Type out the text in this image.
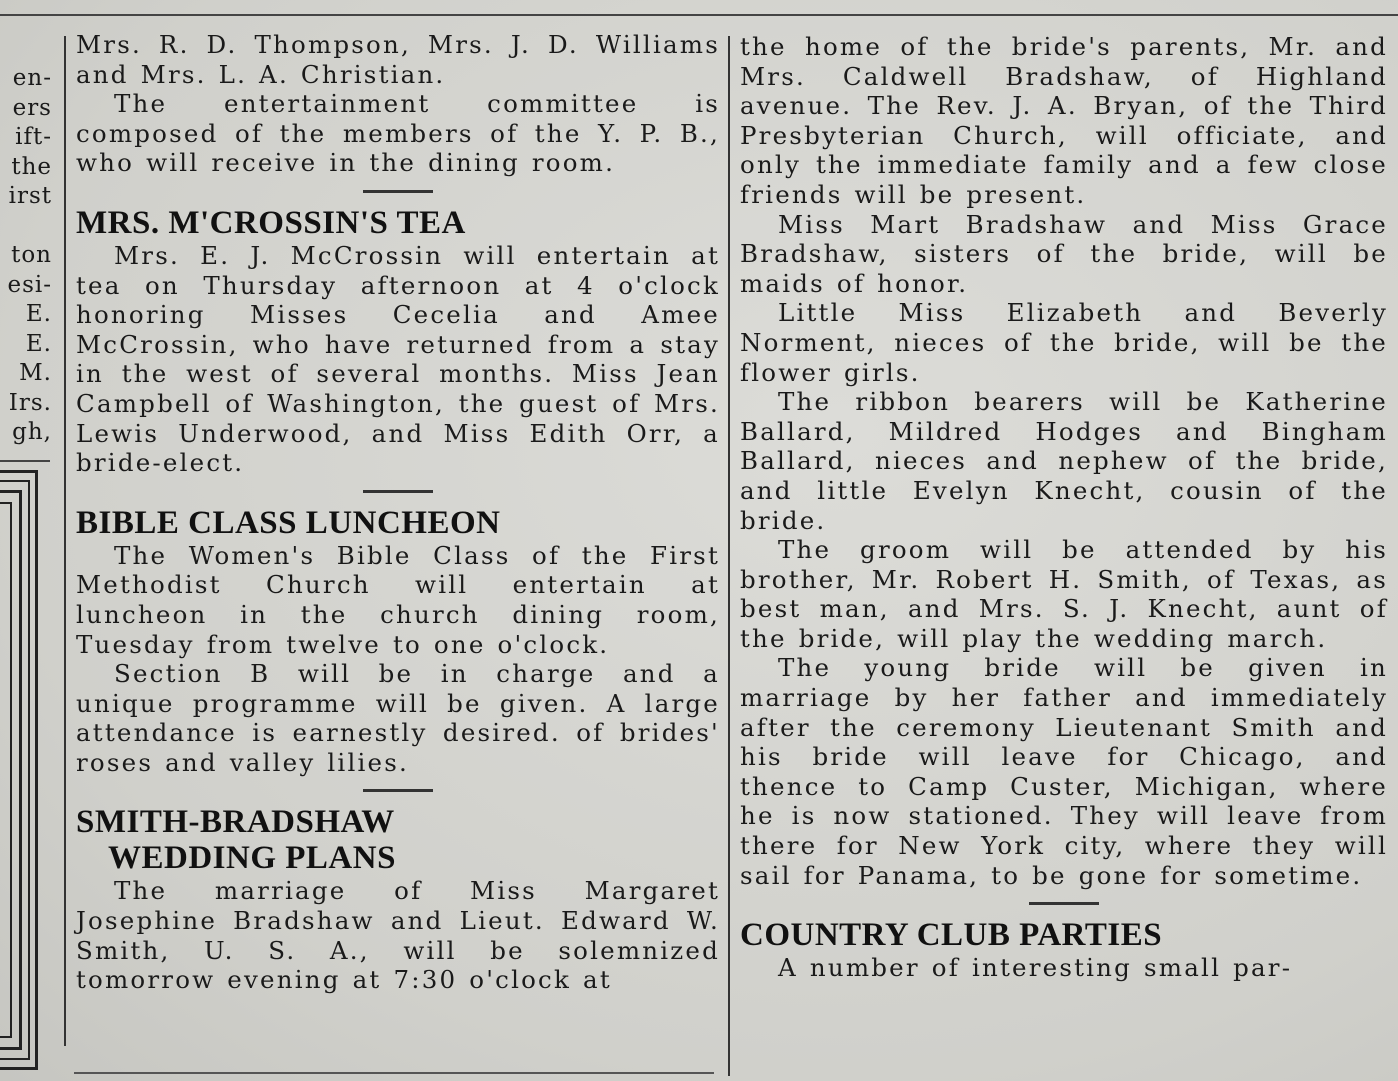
en-
ers
ift-
the
irst
ton
esi-
E.
E.
M.
Irs.
gh,

Mrs. R. D. Thompson, Mrs. J. D. Williams and Mrs. L. A. Christian.

The entertainment committee is composed of the members of the Y. P. B., who will receive in the dining room.

MRS. M'CROSSIN'S TEA

Mrs. E. J. McCrossin will entertain at tea on Thursday afternoon at 4 o'clock honoring Misses Cecelia and Amee McCrossin, who have returned from a stay in the west of several months. Miss Jean Campbell of Washington, the guest of Mrs. Lewis Underwood, and Miss Edith Orr, a bride-elect.

BIBLE CLASS LUNCHEON

The Women's Bible Class of the First Methodist Church will entertain at luncheon in the church dining room, Tuesday from twelve to one o'clock.

Section B will be in charge and a unique programme will be given. A large attendance is earnestly desired. of brides' roses and valley lilies.

SMITH-BRADSHAW
WEDDING PLANS

The marriage of Miss Margaret Josephine Bradshaw and Lieut. Edward W. Smith, U. S. A., will be solemnized tomorrow evening at 7:30 o'clock at

the home of the bride's parents, Mr. and Mrs. Caldwell Bradshaw, of Highland avenue. The Rev. J. A. Bryan, of the Third Presbyterian Church, will officiate, and only the immediate family and a few close friends will be present.

Miss Mart Bradshaw and Miss Grace Bradshaw, sisters of the bride, will be maids of honor.

Little Miss Elizabeth and Beverly Norment, nieces of the bride, will be the flower girls.

The ribbon bearers will be Katherine Ballard, Mildred Hodges and Bingham Ballard, nieces and nephew of the bride, and little Evelyn Knecht, cousin of the bride.

The groom will be attended by his brother, Mr. Robert H. Smith, of Texas, as best man, and Mrs. S. J. Knecht, aunt of the bride, will play the wedding march.

The young bride will be given in marriage by her father and immediately after the ceremony Lieutenant Smith and his bride will leave for Chicago, and thence to Camp Custer, Michigan, where he is now stationed. They will leave from there for New York city, where they will sail for Panama, to be gone for sometime.

COUNTRY CLUB PARTIES

A number of interesting small par-
